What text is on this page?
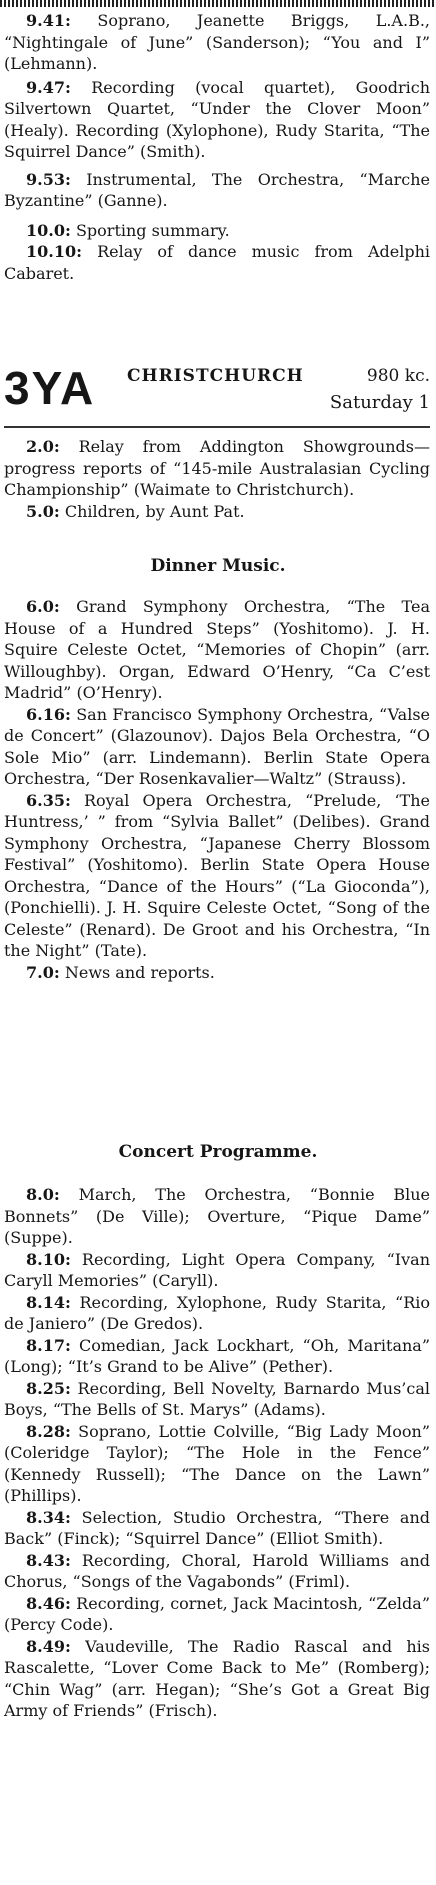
9.41: Soprano, Jeanette Briggs, L.A.B., “Nightingale of June” (Sanderson); “You and I” (Lehmann).

9.47: Recording (vocal quartet), Goodrich Silvertown Quartet, “Under the Clover Moon” (Healy). Recording (Xylophone), Rudy Starita, “The Squirrel Dance” (Smith).

9.53: Instrumental, The Orchestra, “Marche Byzantine” (Ganne).

10.0: Sporting summary.

10.10: Relay of dance music from Adelphi Cabaret.

3YA CHRISTCHURCH	980 kc.
Saturday 1

2.0: Relay from Addington Showgrounds—progress reports of “145-mile Australasian Cycling Championship” (Waimate to Christchurch).

5.0: Children, by Aunt Pat.

Dinner Music.

6.0: Grand Symphony Orchestra, “The Tea House of a Hundred Steps” (Yoshitomo). J. H. Squire Celeste Octet, “Memories of Chopin” (arr. Willoughby). Organ, Edward O’Henry, “Ca C’est Madrid” (O’Henry).

6.16: San Francisco Symphony Orchestra, “Valse de Concert” (Glazounov). Dajos Bela Orchestra, “O Sole Mio” (arr. Lindemann). Berlin State Opera Orchestra, “Der Rosenkavalier—Waltz” (Strauss).

6.35: Royal Opera Orchestra, “Prelude, ‘The Huntress,’ ” from “Sylvia Ballet” (Delibes). Grand Symphony Orchestra, “Japanese Cherry Blossom Festival” (Yoshitomo). Berlin State Opera House Orchestra, “Dance of the Hours” (“La Gioconda”), (Ponchielli). J. H. Squire Celeste Octet, “Song of the Celeste” (Renard). De Groot and his Orchestra, “In the Night” (Tate).

7.0: News and reports.

Concert Programme.

8.0: March, The Orchestra, “Bonnie Blue Bonnets” (De Ville); Overture, “Pique Dame” (Suppe).

8.10: Recording, Light Opera Company, “Ivan Caryll Memories” (Caryll).

8.14: Recording, Xylophone, Rudy Starita, “Rio de Janiero” (De Gredos).

8.17: Comedian, Jack Lockhart, “Oh, Maritana” (Long); “It’s Grand to be Alive” (Pether).

8.25: Recording, Bell Novelty, Barnardo Mus’cal Boys, “The Bells of St. Marys” (Adams).

8.28: Soprano, Lottie Colville, “Big Lady Moon” (Coleridge Taylor); “The Hole in the Fence” (Kennedy Russell); “The Dance on the Lawn” (Phillips).

8.34: Selection, Studio Orchestra, “There and Back” (Finck); “Squirrel Dance” (Elliot Smith).

8.43: Recording, Choral, Harold Williams and Chorus, “Songs of the Vagabonds” (Friml).

8.46: Recording, cornet, Jack Macintosh, “Zelda” (Percy Code).

8.49: Vaudeville, The Radio Rascal and his Rascalette, “Lover Come Back to Me” (Romberg); “Chin Wag” (arr. Hegan); “She’s Got a Great Big Army of Friends” (Frisch).
